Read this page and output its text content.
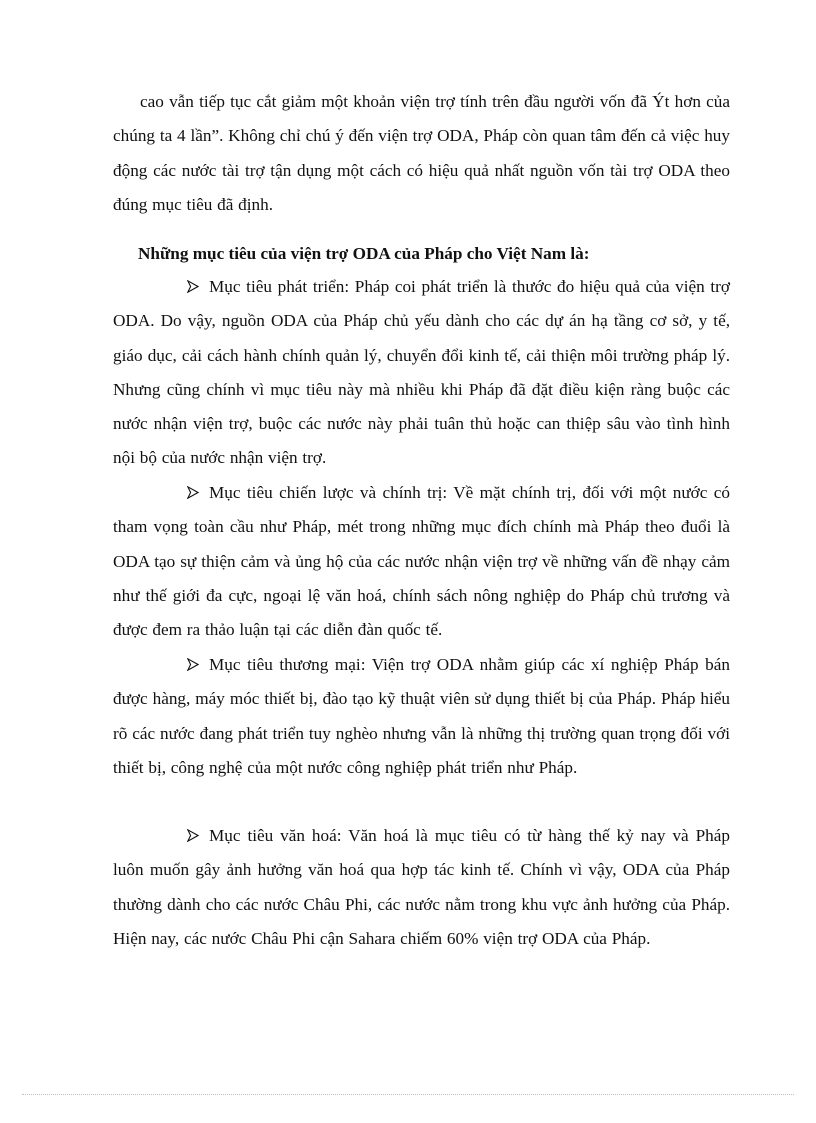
cao vẫn tiếp tục cắt giảm một khoản viện trợ tính trên đầu người vốn đã Ýt hơn của chúng ta 4 lần”. Không chỉ chú ý đến viện trợ ODA, Pháp còn quan tâm đến cả việc huy động các nước tài trợ tận dụng một cách có hiệu quả nhất nguồn vốn tài trợ ODA theo đúng mục tiêu đã định.

Những mục tiêu của viện trợ ODA của Pháp cho Việt Nam là:

Mục tiêu phát triển: Pháp coi phát triển là thước đo hiệu quả của viện trợ ODA. Do vậy, nguồn ODA của Pháp chủ yếu dành cho các dự án hạ tầng cơ sở, y tế, giáo dục, cải cách hành chính quản lý, chuyển đổi kinh tế, cải thiện môi trường pháp lý. Nhưng cũng chính vì mục tiêu này mà nhiều khi Pháp đã đặt điều kiện ràng buộc các nước nhận viện trợ, buộc các nước này phải tuân thủ hoặc can thiệp sâu vào tình hình nội bộ của nước nhận viện trợ.

Mục tiêu chiến lược và chính trị: Về mặt chính trị, đối với một nước có tham vọng toàn cầu như Pháp, mét trong những mục đích chính mà Pháp theo đuổi là ODA tạo sự thiện cảm và ủng hộ của các nước nhận viện trợ về những vấn đề nhạy cảm như thế giới đa cực, ngoại lệ văn hoá, chính sách nông nghiệp do Pháp chủ trương và được đem ra thảo luận tại các diễn đàn quốc tế.

Mục tiêu thương mại: Viện trợ ODA nhằm giúp các xí nghiệp Pháp bán được hàng, máy móc thiết bị, đào tạo kỹ thuật viên sử dụng thiết bị của Pháp. Pháp hiểu rõ các nước đang phát triển tuy nghèo nhưng vẫn là những thị trường quan trọng đối với thiết bị, công nghệ của một nước công nghiệp phát triển như Pháp.

Mục tiêu văn hoá: Văn hoá là mục tiêu có từ hàng thế kỷ nay và Pháp luôn muốn gây ảnh hưởng văn hoá qua hợp tác kinh tế. Chính vì vậy, ODA của Pháp thường dành cho các nước Châu Phi, các nước nằm trong khu vực ảnh hưởng của Pháp. Hiện nay, các nước Châu Phi cận Sahara chiếm 60% viện trợ ODA của Pháp.
